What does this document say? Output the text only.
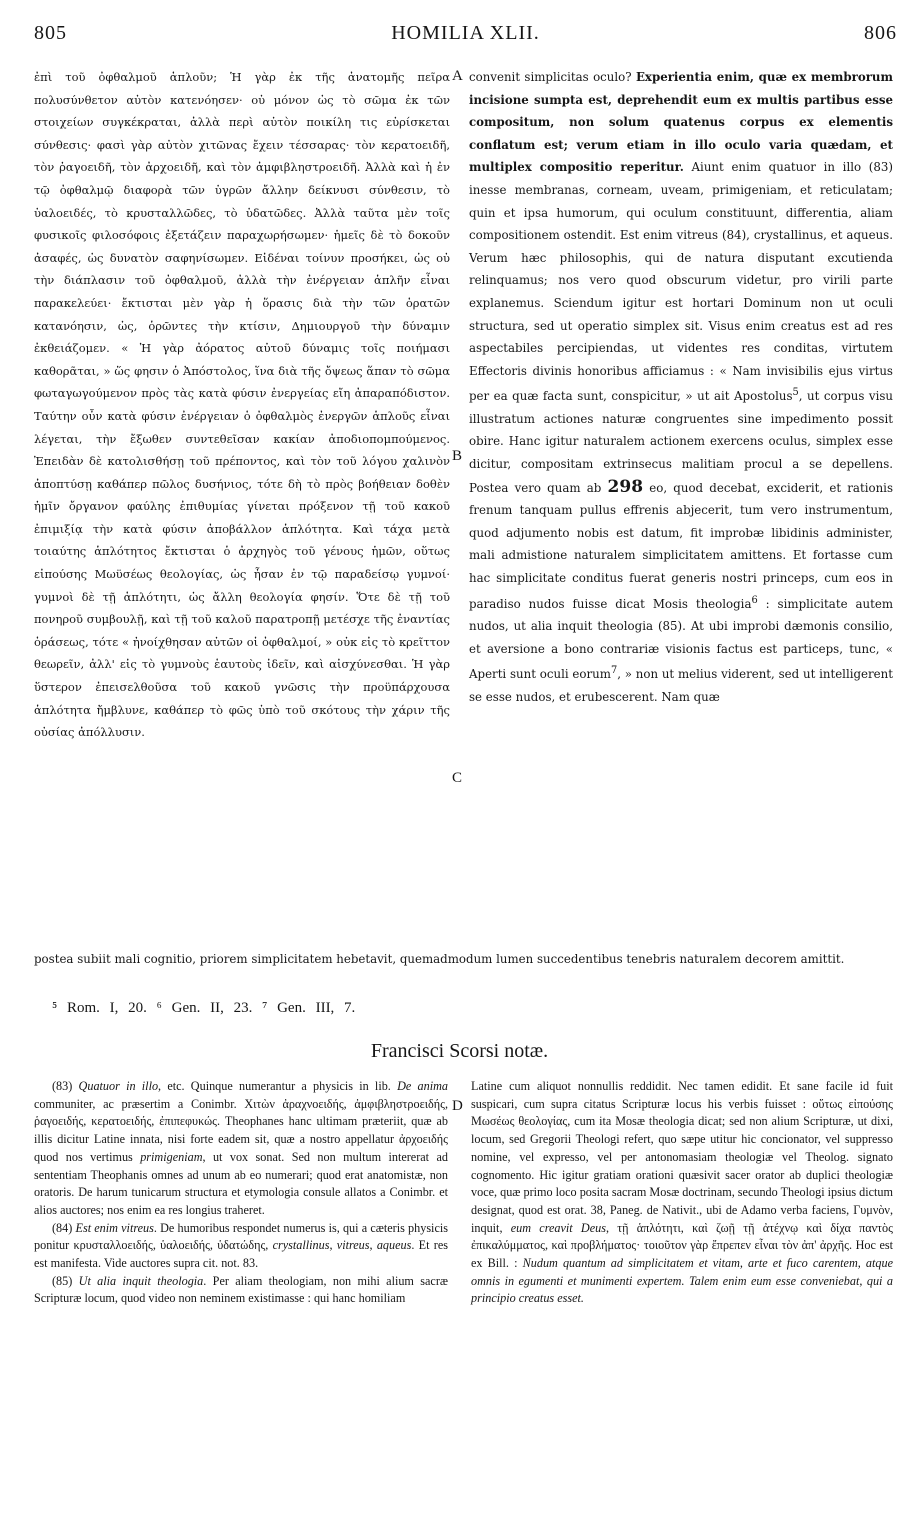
805	HOMILIA XLII.	806

ἐπὶ τοῦ ὀφθαλμοῦ ἁπλοῦν; Ἡ γὰρ ἐκ τῆς ἀνατομῆς πεῖρα πολυσύνθετον αὐτὸν κατενόησεν· οὐ μόνον ὡς τὸ σῶμα ἐκ τῶν στοιχείων συγκέκραται, ἀλλὰ περὶ αὐτὸν ποικίλη τις εὑρίσκεται σύνθεσις· φασὶ γὰρ αὐτὸν χιτῶνας ἔχειν τέσσαρας· τὸν κερατοειδῆ, τὸν ῥαγοειδῆ, τὸν ἀρχοειδῆ, καὶ τὸν ἀμφιβληστροειδῆ. Ἀλλὰ καὶ ἡ ἐν τῷ ὀφθαλμῷ διαφορὰ τῶν ὑγρῶν ἄλλην δείκνυσι σύνθεσιν, τὸ ὑαλοειδές, τὸ κρυσταλλῶδες, τὸ ὑδατῶδες. Ἀλλὰ ταῦτα μὲν τοῖς φυσικοῖς φιλοσόφοις ἐξετάζειν παραχωρήσωμεν· ἡμεῖς δὲ τὸ δοκοῦν ἀσαφές, ὡς δυνατὸν σαφηνίσωμεν. Εἰδέναι τοίνυν προσήκει, ὡς οὐ τὴν διάπλασιν τοῦ ὀφθαλμοῦ, ἀλλὰ τὴν ἐνέργειαν ἁπλῆν εἶναι παρακελεύει· ἔκτισται μὲν γὰρ ἡ ὅρασις διὰ τὴν τῶν ὁρατῶν κατανόησιν, ὡς, ὁρῶντες τὴν κτίσιν, Δημιουργοῦ τὴν δύναμιν ἐκθειάζομεν. « Ἡ γὰρ ἀόρατος αὐτοῦ δύναμις τοῖς ποιήμασι καθορᾶται, » ὥς φησιν ὁ Ἀπόστολος, ἵνα διὰ τῆς ὄψεως ἅπαν τὸ σῶμα φωταγωγούμενον πρὸς τὰς κατὰ φύσιν ἐνεργείας εἴη ἀπαραπόδιστον. Ταύτην οὖν κατὰ φύσιν ἐνέργειαν ὁ ὀφθαλμὸς ἐνεργῶν ἁπλοῦς εἶναι λέγεται, τὴν ἔξωθεν συντεθεῖσαν κακίαν ἀποδιοπομπούμενος. Ἐπειδὰν δὲ κατολισθήσῃ τοῦ πρέποντος, καὶ τὸν τοῦ λόγου χαλινὸν ἀποπτύσῃ καθάπερ πῶλος δυσήνιος, τότε δὴ τὸ πρὸς βοήθειαν δοθὲν ἡμῖν ὄργανον φαύλης ἐπιθυμίας γίνεται πρόξενον τῇ τοῦ κακοῦ ἐπιμιξίᾳ τὴν κατὰ φύσιν ἀποβάλλον ἁπλότητα. Καὶ τάχα μετὰ τοιαύτης ἁπλότητος ἔκτισται ὁ ἀρχηγὸς τοῦ γένους ἡμῶν, οὕτως εἰπούσης Μωϋσέως θεολογίας, ὡς ἦσαν ἐν τῷ παραδείσῳ γυμνοί· γυμνοὶ δὲ τῇ ἁπλότητι, ὡς ἄλλη θεολογία φησίν. Ὅτε δὲ τῇ τοῦ πονηροῦ συμβουλῇ, καὶ τῇ τοῦ καλοῦ παρατροπῇ μετέσχε τῆς ἐναντίας ὁράσεως, τότε « ἠνοίχθησαν αὐτῶν οἱ ὀφθαλμοί, » οὐκ εἰς τὸ κρεῖττον θεωρεῖν, ἀλλ' εἰς τὸ γυμνοὺς ἑαυτοὺς ἰδεῖν, καὶ αἰσχύνεσθαι. Ἡ γὰρ ὕστερον ἐπεισελθοῦσα τοῦ κακοῦ γνῶσις τὴν προϋπάρχουσα ἁπλότητα ἤμβλυνε, καθάπερ τὸ φῶς ὑπὸ τοῦ σκότους τὴν χάριν τῆς οὐσίας ἀπόλλυσιν.

A
B
C
D

convenit simplicitas oculo? Experientia enim, quæ ex membrorum incisione sumpta est, deprehendit eum ex multis partibus esse compositum, non solum quatenus corpus ex elementis conflatum est; verum etiam in illo oculo varia quædam, et multiplex compositio reperitur. Aiunt enim quatuor in illo (83) inesse membranas, corneam, uveam, primigeniam, et reticulatam; quin et ipsa humorum, qui oculum constituunt, differentia, aliam compositionem ostendit. Est enim vitreus (84), crystallinus, et aqueus. Verum hæc philosophis, qui de natura disputant excutienda relinquamus; nos vero quod obscurum videtur, pro virili parte explanemus. Sciendum igitur est hortari Dominum non ut oculi structura, sed ut operatio simplex sit. Visus enim creatus est ad res aspectabiles percipiendas, ut videntes res conditas, virtutem Effectoris divinis honoribus afficiamus : « Nam invisibilis ejus virtus per ea quæ facta sunt, conspicitur, » ut ait Apostolus$^5$, ut corpus visu illustratum actiones naturæ congruentes sine impedimento possit obire. Hanc igitur naturalem actionem exercens oculus, simplex esse dicitur, compositam extrinsecus malitiam procul a se depellens. Postea vero quam ab 298 eo, quod decebat, exciderit, et rationis frenum tanquam pullus effrenis abjecerit, tum vero instrumentum, quod adjumento nobis est datum, fit improbæ libidinis administer, mali admistione naturalem simplicitatem amittens. Et fortasse cum hac simplicitate conditus fuerat generis nostri princeps, cum eos in paradiso nudos fuisse dicat Mosis theologia$^6$ : simplicitate autem nudos, ut alia inquit theologia (85). At ubi improbi dæmonis consilio, et aversione a bono contrariæ visionis factus est particeps, tunc, « Aperti sunt oculi eorum$^7$, » non ut melius viderent, sed ut intelligerent se esse nudos, et erubescerent. Nam quæ

postea subiit mali cognitio, priorem simplicitatem hebetavit, quemadmodum lumen succedentibus tenebris naturalem decorem amittit.
⁵ Rom. I, 20. ⁶ Gen. II, 23. ⁷ Gen. III, 7.
Francisci Scorsi notæ.

(83) Quatuor in illo, etc. Quinque numerantur a physicis in lib. De anima communiter, ac præsertim a Conimbr. Χιτὼν ἀραχνοειδής, ἀμφιβληστροειδής, ῥαγοειδής, κερατοειδής, ἐπιπεφυκώς. Theophanes hanc ultimam præteriit, quæ ab illis dicitur Latine innata, nisi forte eadem sit, quæ a nostro appellatur ἀρχοειδής quod nos vertimus primigeniam, ut vox sonat. Sed non multum intererat ad sententiam Theophanis omnes ad unum ab eo numerari; quod erat anatomistæ, non oratoris. De harum tunicarum structura et etymologia consule allatos a Conimbr. et alios auctores; nos enim ea res longius traheret.

(84) Est enim vitreus. De humoribus respondet numerus is, qui a cæteris physicis ponitur κρυσταλλοειδής, ὑαλοειδής, ὑδατώδης, crystallinus, vitreus, aqueus. Et res est manifesta. Vide auctores supra cit. not. 83.

(85) Ut alia inquit theologia. Per aliam theologiam, non mihi alium sacræ Scripturæ locum, quod video non neminem existimasse : qui hanc homiliam

Latine cum aliquot nonnullis reddidit. Nec tamen edidit. Et sane facile id fuit suspicari, cum supra citatus Scripturæ locus his verbis fuisset : οὕτως εἰπούσης Μωσέως θεολογίας, cum ita Mosæ theologia dicat; sed non alium Scripturæ, ut dixi, locum, sed Gregorii Theologi refert, quo sæpe utitur hic concionator, vel suppresso nomine, vel expresso, vel per antonomasiam theologiæ vel Theolog. signato cognomento. Hic igitur gratiam orationi quæsivit sacer orator ab duplici theologiæ voce, quæ primo loco posita sacram Mosæ doctrinam, secundo Theologi ipsius dictum designat, quod est orat. 38, Paneg. de Nativit., ubi de Adamo verba faciens, Γυμνὸν, inquit, eum creavit Deus, τῇ ἁπλότητι, καὶ ζωῇ τῇ ἀτέχνῳ καὶ δίχα παντὸς ἐπικαλύμματος, καὶ προβλήματος· τοιοῦτον γὰρ ἔπρεπεν εἶναι τὸν ἀπ' ἀρχῆς. Hoc est ex Bill. : Nudum quantum ad simplicitatem et vitam, arte et fuco carentem, atque omnis in egumenti et munimenti expertem. Talem enim eum esse conveniebat, qui a principio creatus esset.
